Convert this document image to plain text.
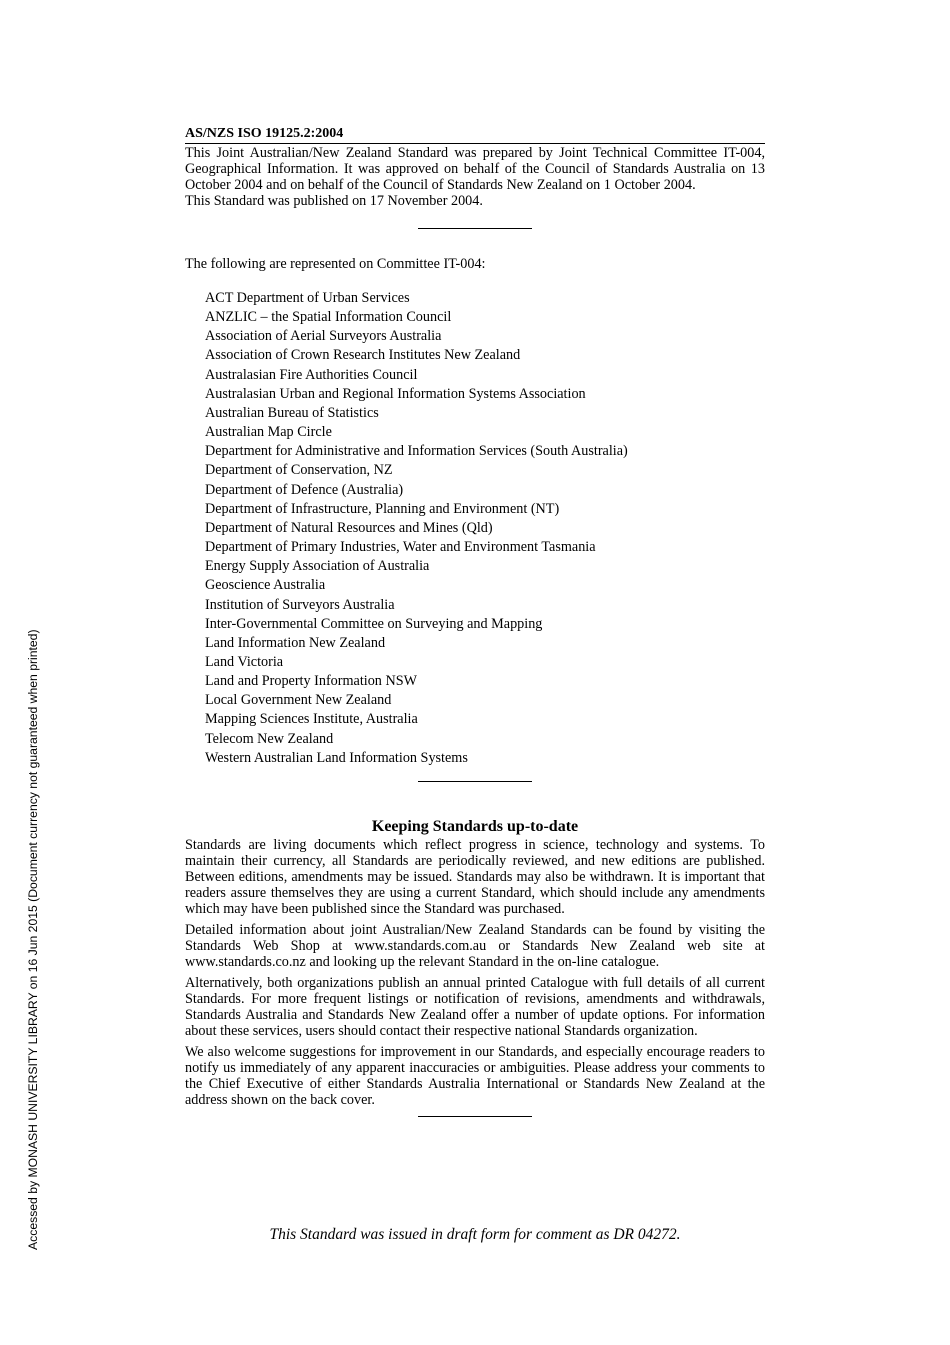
Accessed by MONASH UNIVERSITY LIBRARY on 16 Jun 2015 (Document currency not guaranteed when printed)
AS/NZS ISO 19125.2:2004

This Joint Australian/New Zealand Standard was prepared by Joint Technical Committee IT-004, Geographical Information. It was approved on behalf of the Council of Standards Australia on 13 October 2004 and on behalf of the Council of Standards New Zealand on 1 October 2004.

This Standard was published on 17 November 2004.

The following are represented on Committee IT-004:

ACT Department of Urban Services
ANZLIC – the Spatial Information Council
Association of Aerial Surveyors Australia
Association of Crown Research Institutes New Zealand
Australasian Fire Authorities Council
Australasian Urban and Regional Information Systems Association
Australian Bureau of Statistics
Australian Map Circle
Department for Administrative and Information Services (South Australia)
Department of Conservation, NZ
Department of Defence (Australia)
Department of Infrastructure, Planning and Environment (NT)
Department of Natural Resources and Mines (Qld)
Department of Primary Industries, Water and Environment Tasmania
Energy Supply Association of Australia
Geoscience Australia
Institution of Surveyors Australia
Inter-Governmental Committee on Surveying and Mapping
Land Information New Zealand
Land Victoria
Land and Property Information NSW
Local Government New Zealand
Mapping Sciences Institute, Australia
Telecom New Zealand
Western Australian Land Information Systems
Keeping Standards up-to-date

Standards are living documents which reflect progress in science, technology and systems. To maintain their currency, all Standards are periodically reviewed, and new editions are published. Between editions, amendments may be issued. Standards may also be withdrawn. It is important that readers assure themselves they are using a current Standard, which should include any amendments which may have been published since the Standard was purchased.

Detailed information about joint Australian/New Zealand Standards can be found by visiting the Standards Web Shop at www.standards.com.au or Standards New Zealand web site at www.standards.co.nz and looking up the relevant Standard in the on-line catalogue.

Alternatively, both organizations publish an annual printed Catalogue with full details of all current Standards. For more frequent listings or notification of revisions, amendments and withdrawals, Standards Australia and Standards New Zealand offer a number of update options. For information about these services, users should contact their respective national Standards organization.

We also welcome suggestions for improvement in our Standards, and especially encourage readers to notify us immediately of any apparent inaccuracies or ambiguities. Please address your comments to the Chief Executive of either Standards Australia International or Standards New Zealand at the address shown on the back cover.

This Standard was issued in draft form for comment as DR 04272.
